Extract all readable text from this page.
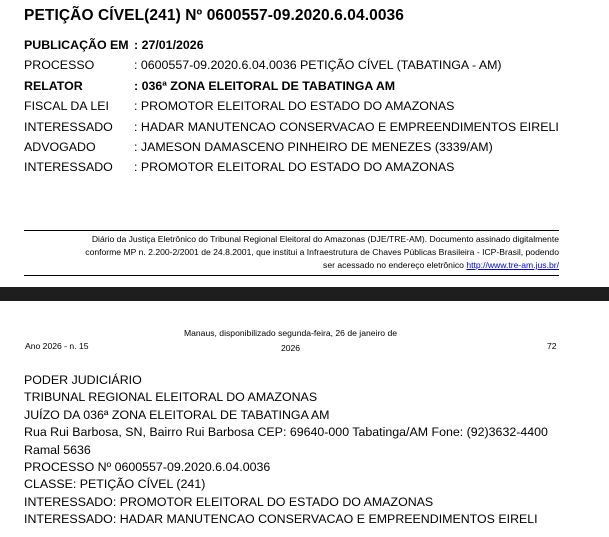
PETIÇÃO CÍVEL(241) Nº 0600557-09.2020.6.04.0036
PUBLICAÇÃO EM : 27/01/2026
PROCESSO	: 0600557-09.2020.6.04.0036 PETIÇÃO CÍVEL (TABATINGA - AM)
RELATOR	: 036ª ZONA ELEITORAL DE TABATINGA AM
FISCAL DA LEI : PROMOTOR ELEITORAL DO ESTADO DO AMAZONAS
INTERESSADO : HADAR MANUTENCAO CONSERVACAO E EMPREENDIMENTOS EIRELI
ADVOGADO	: JAMESON DAMASCENO PINHEIRO DE MENEZES (3339/AM)
INTERESSADO : PROMOTOR ELEITORAL DO ESTADO DO AMAZONAS
Diário da Justiça Eletrônico do Tribunal Regional Eleitoral do Amazonas (DJE/TRE-AM). Documento assinado digitalmente
conforme MP n. 2.200-2/2001 de 24.8.2001, que institui a Infraestrutura de Chaves Públicas Brasileira - ICP-Brasil, podendo
ser acessado no endereço eletrônico http://www.tre-am.jus.br/
Ano 2026 - n. 15
Manaus, disponibilizado segunda-feira, 26 de janeiro de
2026	72
PODER JUDICIÁRIO
TRIBUNAL REGIONAL ELEITORAL DO AMAZONAS
JUÍZO DA 036ª ZONA ELEITORAL DE TABATINGA AM
Rua Rui Barbosa, SN, Bairro Rui Barbosa CEP: 69640-000 Tabatinga/AM Fone: (92)3632-4400
Ramal 5636
PROCESSO Nº 0600557-09.2020.6.04.0036
CLASSE: PETIÇÃO CÍVEL (241)
INTERESSADO: PROMOTOR ELEITORAL DO ESTADO DO AMAZONAS
INTERESSADO: HADAR MANUTENCAO CONSERVACAO E EMPREENDIMENTOS EIRELI
